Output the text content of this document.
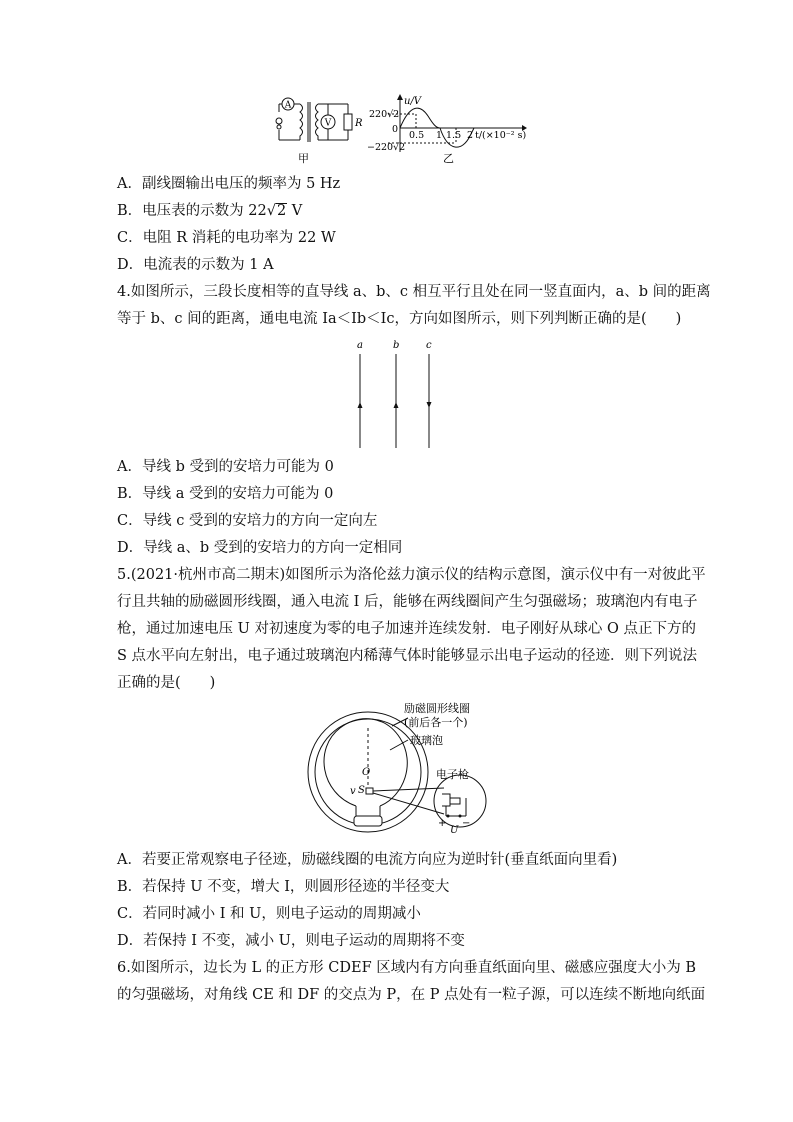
A
V R
甲
u/V
220√2
0
−220√2
0.5 1 1.5 2 t/(×10⁻² s)
乙
A．副线圈输出电压的频率为 5 Hz
B．电压表的示数为 22√2 V
C．电阻 R 消耗的电功率为 22 W
D．电流表的示数为 1 A
4.如图所示，三段长度相等的直导线 a、b、c 相互平行且处在同一竖直面内，a、b 间的距离
等于 b、c 间的距离，通电电流 Ia＜Ib＜Ic，方向如图所示，则下列判断正确的是(　　)
a	b	c
A．导线 b 受到的安培力可能为 0
B．导线 a 受到的安培力可能为 0
C．导线 c 受到的安培力的方向一定向左
D．导线 a、b 受到的安培力的方向一定相同
5.(2021·杭州市高二期末)如图所示为洛伦兹力演示仪的结构示意图，演示仪中有一对彼此平
行且共轴的励磁圆形线圈，通入电流 I 后，能够在两线圈间产生匀强磁场；玻璃泡内有电子
枪，通过加速电压 U 对初速度为零的电子加速并连续发射．电子刚好从球心 O 点正下方的
S 点水平向左射出，电子通过玻璃泡内稀薄气体时能够显示出电子运动的径迹．则下列说法
正确的是(　　)
O
v S
+
U
−
励磁圆形线圈
(前后各一个)
玻璃泡
电子枪
A．若要正常观察电子径迹，励磁线圈的电流方向应为逆时针(垂直纸面向里看)
B．若保持 U 不变，增大 I，则圆形径迹的半径变大
C．若同时减小 I 和 U，则电子运动的周期减小
D．若保持 I 不变，减小 U，则电子运动的周期将不变
6.如图所示，边长为 L 的正方形 CDEF 区域内有方向垂直纸面向里、磁感应强度大小为 B
的匀强磁场，对角线 CE 和 DF 的交点为 P，在 P 点处有一粒子源，可以连续不断地向纸面
